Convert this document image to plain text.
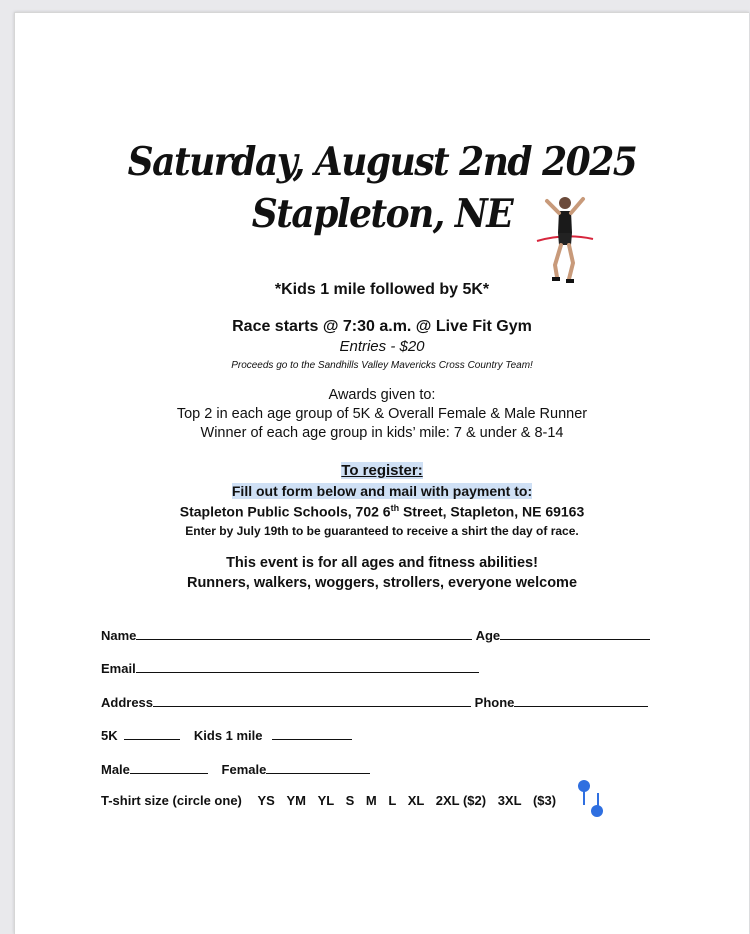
Saturday, August 2nd 2025
Stapleton, NE
*Kids 1 mile followed by 5K*
Race starts @ 7:30 a.m. @ Live Fit Gym
Entries - $20
Proceeds go to the Sandhills Valley Mavericks Cross Country Team!
Awards given to:
Top 2 in each age group of 5K & Overall Female & Male Runner
Winner of each age group in kids’ mile: 7 & under & 8-14
To register:
Fill out form below and mail with payment to:
Stapleton Public Schools, 702 6th Street, Stapleton, NE 69163
Enter by July 19th to be guaranteed to receive a shirt the day of race.
This event is for all ages and fitness abilities!
Runners, walkers, woggers, strollers, everyone welcome
Name	Age
Email
Address	Phone
5K	Kids 1 mile
Male	Female
T-shirt size (circle one) YS YM YL S M L XL 2XL ($2) 3XL ($3)
